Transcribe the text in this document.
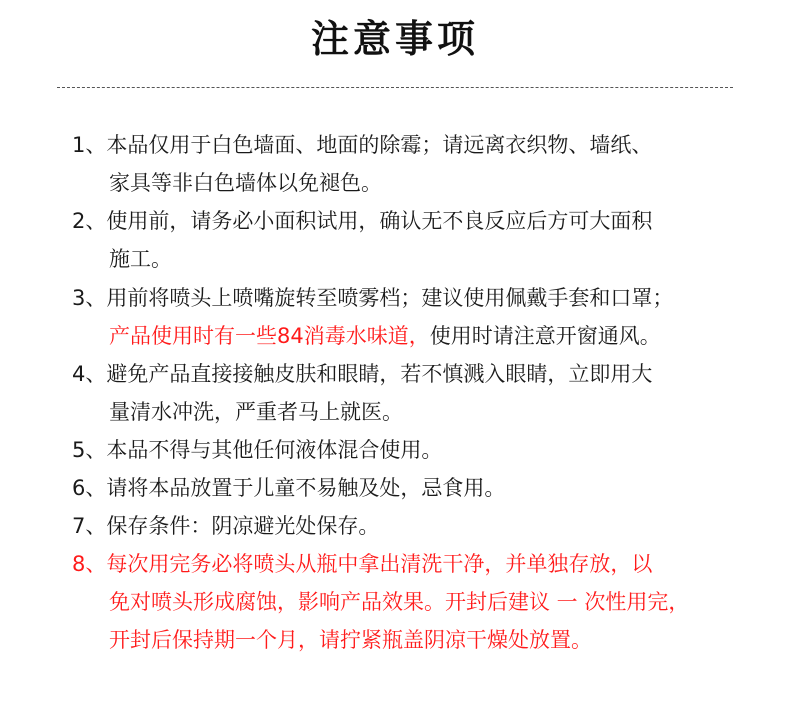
注意事项
1、本品仅用于白色墙面、地面的除霉；请远离衣织物、墙纸、
家具等非白色墙体以免褪色。
2、使用前，请务必小面积试用，确认无不良反应后方可大面积
施工。
3、用前将喷头上喷嘴旋转至喷雾档；建议使用佩戴手套和口罩；
产品使用时有一些84消毒水味道，使用时请注意开窗通风。
4、避免产品直接接触皮肤和眼睛，若不慎溅入眼睛，立即用大
量清水冲洗，严重者马上就医。
5、本品不得与其他任何液体混合使用。
6、请将本品放置于儿童不易触及处，忌食用。
7、保存条件：阴凉避光处保存。
8、每次用完务必将喷头从瓶中拿出清洗干净，并单独存放，以
免对喷头形成腐蚀，影响产品效果。开封后建议 一 次性用完，
开封后保持期一个月，请拧紧瓶盖阴凉干燥处放置。
